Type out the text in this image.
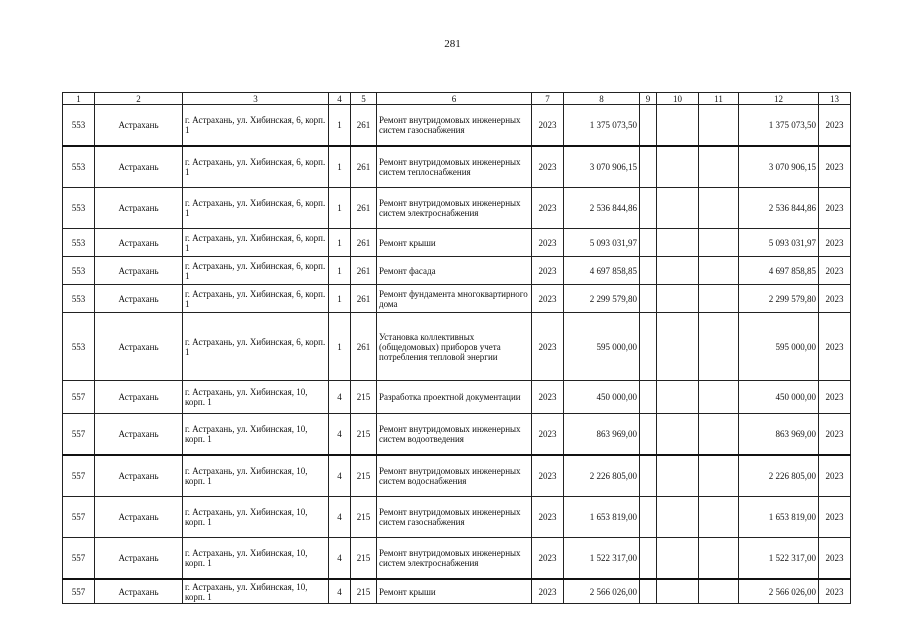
281
1	2	3	4	5	6	7	8	9	10	11	12	13
553	Астрахань	г. Астрахань, ул. Хибинская, 6, корп. 1	1	261	Ремонт внутридомовых инженерных систем газоснабжения	2023	1 375 073,50				1 375 073,50	2023
553	Астрахань	г. Астрахань, ул. Хибинская, 6, корп. 1	1	261	Ремонт внутридомовых инженерных систем теплоснабжения	2023	3 070 906,15				3 070 906,15	2023
553	Астрахань	г. Астрахань, ул. Хибинская, 6, корп. 1	1	261	Ремонт внутридомовых инженерных систем электроснабжения	2023	2 536 844,86				2 536 844,86	2023
553	Астрахань	г. Астрахань, ул. Хибинская, 6, корп. 1	1	261	Ремонт крыши	2023	5 093 031,97				5 093 031,97	2023
553	Астрахань	г. Астрахань, ул. Хибинская, 6, корп. 1	1	261	Ремонт фасада	2023	4 697 858,85				4 697 858,85	2023
553	Астрахань	г. Астрахань, ул. Хибинская, 6, корп. 1	1	261	Ремонт фундамента многоквартирного дома	2023	2 299 579,80				2 299 579,80	2023
553	Астрахань	г. Астрахань, ул. Хибинская, 6, корп. 1	1	261	Установка коллективных (общедомовых) приборов учета потребления тепловой энергии	2023	595 000,00				595 000,00	2023
557	Астрахань	г. Астрахань, ул. Хибинская, 10, корп. 1	4	215	Разработка проектной документации	2023	450 000,00				450 000,00	2023
557	Астрахань	г. Астрахань, ул. Хибинская, 10, корп. 1	4	215	Ремонт внутридомовых инженерных систем водоотведения	2023	863 969,00				863 969,00	2023
557	Астрахань	г. Астрахань, ул. Хибинская, 10, корп. 1	4	215	Ремонт внутридомовых инженерных систем водоснабжения	2023	2 226 805,00				2 226 805,00	2023
557	Астрахань	г. Астрахань, ул. Хибинская, 10, корп. 1	4	215	Ремонт внутридомовых инженерных систем газоснабжения	2023	1 653 819,00				1 653 819,00	2023
557	Астрахань	г. Астрахань, ул. Хибинская, 10, корп. 1	4	215	Ремонт внутридомовых инженерных систем электроснабжения	2023	1 522 317,00				1 522 317,00	2023
557	Астрахань	г. Астрахань, ул. Хибинская, 10, корп. 1	4	215	Ремонт крыши	2023	2 566 026,00				2 566 026,00	2023
